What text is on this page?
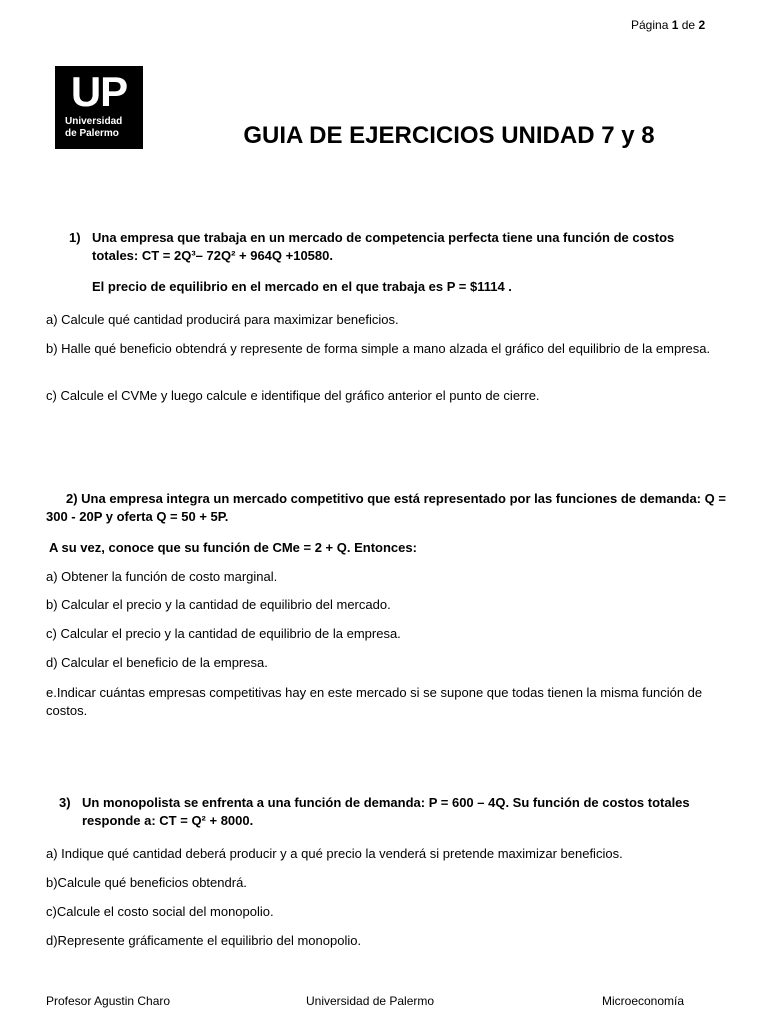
Página 1 de 2
UP
Universidad
de Palermo	GUIA DE EJERCICIOS UNIDAD 7 y 8
1) Una empresa que trabaja en un mercado de competencia perfecta tiene una función de costos totales: CT = 2Q³– 72Q² + 964Q +10580.

El precio de equilibrio en el mercado en el que trabaja es P = $1114 .

a) Calcule qué cantidad producirá para maximizar beneficios.

b) Halle qué beneficio obtendrá y represente de forma simple a mano alzada el gráfico del equilibrio de la empresa.

c) Calcule el CVMe y luego calcule e identifique del gráfico anterior el punto de cierre.

2) Una empresa integra un mercado competitivo que está representado por las funciones de demanda: Q = 300 - 20P y oferta Q = 50 + 5P.

A su vez, conoce que su función de CMe = 2 + Q. Entonces:

a) Obtener la función de costo marginal.

b) Calcular el precio y la cantidad de equilibrio del mercado.

c) Calcular el precio y la cantidad de equilibrio de la empresa.

d) Calcular el beneficio de la empresa.

e.Indicar cuántas empresas competitivas hay en este mercado si se supone que todas tienen la misma función de costos.

3) Un monopolista se enfrenta a una función de demanda: P = 600 – 4Q. Su función de costos totales responde a: CT = Q² + 8000.

a) Indique qué cantidad deberá producir y a qué precio la venderá si pretende maximizar beneficios.

b)Calcule qué beneficios obtendrá.

c)Calcule el costo social del monopolio.

d)Represente gráficamente el equilibrio del monopolio.

Profesor Agustin Charo	Universidad de Palermo	Microeconomía
